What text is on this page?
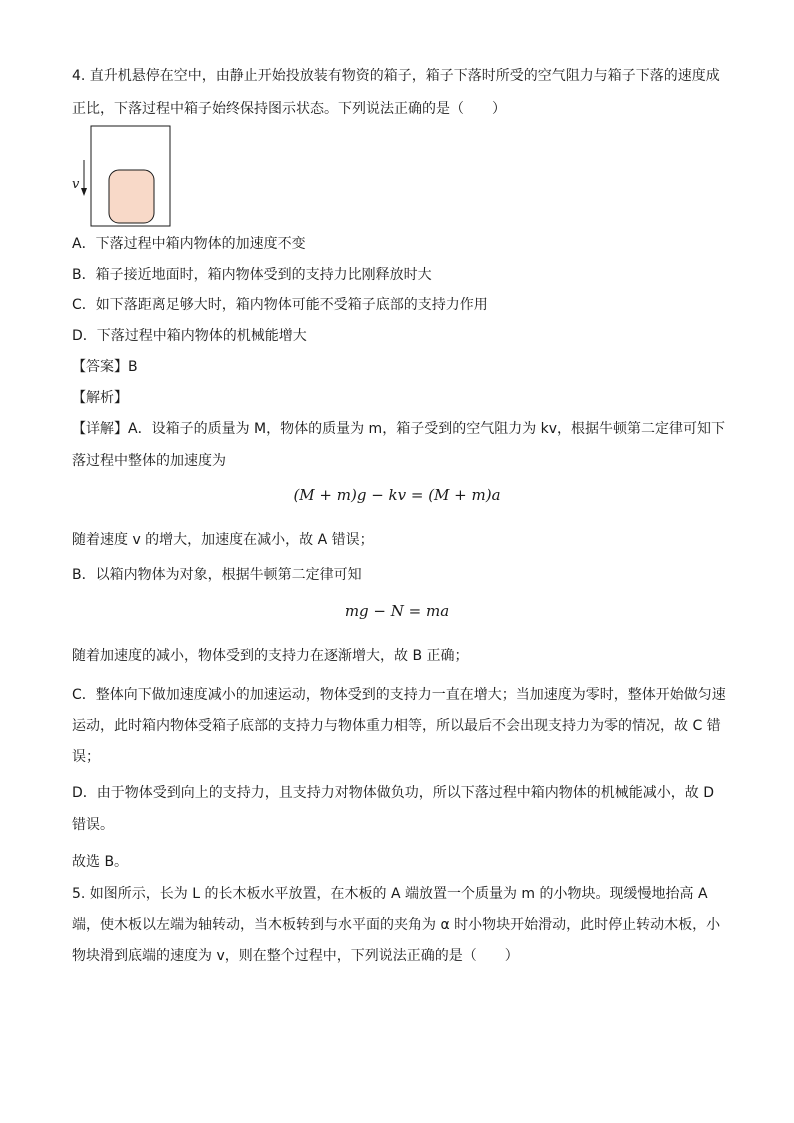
4. 直升机悬停在空中，由静止开始投放装有物资的箱子，箱子下落时所受的空气阻力与箱子下落的速度成
正比，下落过程中箱子始终保持图示状态。下列说法正确的是（　　）
v
A．下落过程中箱内物体的加速度不变
B．箱子接近地面时，箱内物体受到的支持力比刚释放时大
C．如下落距离足够大时，箱内物体可能不受箱子底部的支持力作用
D．下落过程中箱内物体的机械能增大
【答案】B
【解析】
【详解】A．设箱子的质量为 M，物体的质量为 m，箱子受到的空气阻力为 kv，根据牛顿第二定律可知下
落过程中整体的加速度为
(M + m)g − kv = (M + m)a
随着速度 v 的增大，加速度在减小，故 A 错误；
B．以箱内物体为对象，根据牛顿第二定律可知
mg − N = ma
随着加速度的减小，物体受到的支持力在逐渐增大，故 B 正确；
C．整体向下做加速度减小的加速运动，物体受到的支持力一直在增大；当加速度为零时，整体开始做匀速
运动，此时箱内物体受箱子底部的支持力与物体重力相等，所以最后不会出现支持力为零的情况，故 C 错
误；
D．由于物体受到向上的支持力，且支持力对物体做负功，所以下落过程中箱内物体的机械能减小，故 D
错误。
故选 B。
5. 如图所示，长为 L 的长木板水平放置，在木板的 A 端放置一个质量为 m 的小物块。现缓慢地抬高 A
端，使木板以左端为轴转动，当木板转到与水平面的夹角为 α 时小物块开始滑动，此时停止转动木板，小
物块滑到底端的速度为 v，则在整个过程中，下列说法正确的是（　　）
